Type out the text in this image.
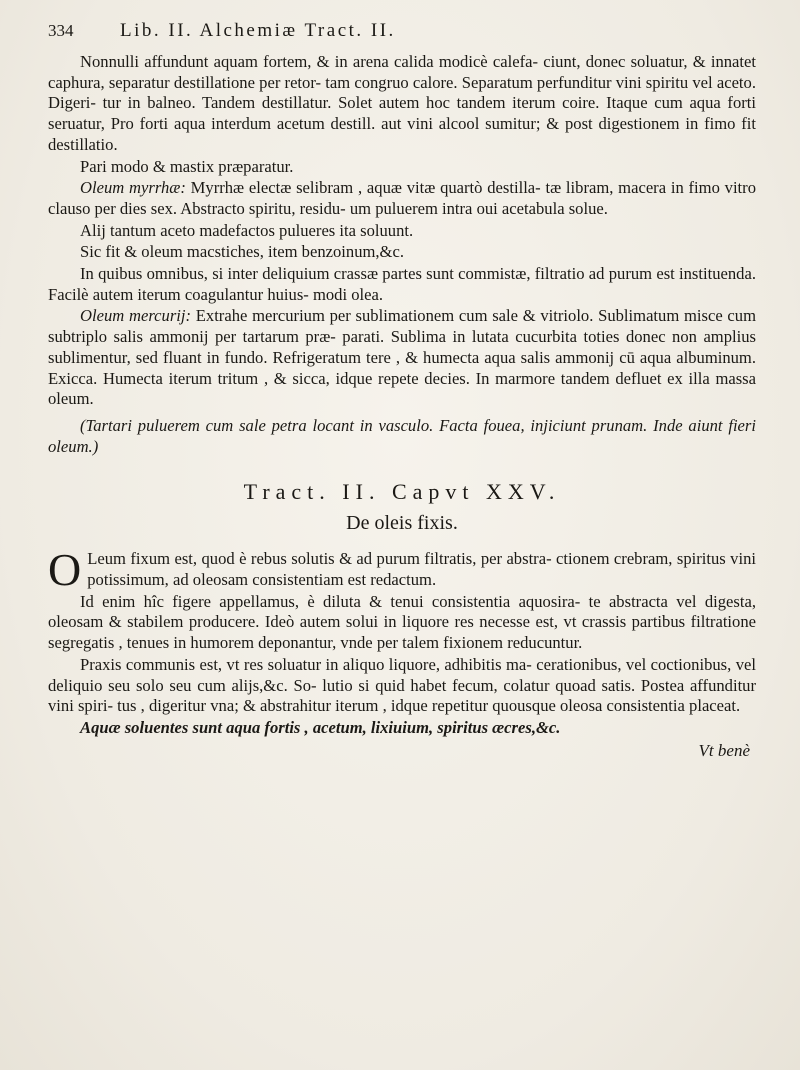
334	Lib. II. Alchemiæ Tract. II.

Nonnulli affundunt aquam fortem, & in arena calida modicè calefa- ciunt, donec soluatur, & innatet caphura, separatur destillatione per retor- tam congruo calore. Separatum perfunditur vini spiritu vel aceto. Digeri- tur in balneo. Tandem destillatur. Solet autem hoc tandem iterum coire. Itaque cum aqua forti seruatur, Pro forti aqua interdum acetum destill. aut vini alcool sumitur; & post digestionem in fimo fit destillatio.

Pari modo & mastix præparatur.

Oleum myrrhæ: Myrrhæ electæ selibram , aquæ vitæ quartò destilla- tæ libram, macera in fimo vitro clauso per dies sex. Abstracto spiritu, residu- um puluerem intra oui acetabula solue.

Alij tantum aceto madefactos pulueres ita soluunt.

Sic fit & oleum macstiches, item benzoinum,&c.

In quibus omnibus, si inter deliquium crassæ partes sunt commistæ, filtratio ad purum est instituenda. Facilè autem iterum coagulantur huius- modi olea.

Oleum mercurij: Extrahe mercurium per sublimationem cum sale & vitriolo. Sublimatum misce cum subtriplo salis ammonij per tartarum præ- parati. Sublima in lutata cucurbita toties donec non amplius sublimentur, sed fluant in fundo. Refrigeratum tere , & humecta aqua salis ammonij cū aqua albuminum. Exicca. Humecta iterum tritum , & sicca, idque repete decies. In marmore tandem defluet ex illa massa oleum.

(Tartari puluerem cum sale petra locant in vasculo. Facta fouea, injiciunt prunam. Inde aiunt fieri oleum.)

Tract. II. Capvt XXV.
De oleis fixis.

O Leum fixum est, quod è rebus solutis & ad purum filtratis, per abstra- ctionem crebram, spiritus vini potissimum, ad oleosam consistentiam est redactum.

Id enim hîc figere appellamus, è diluta & tenui consistentia aquosira- te abstracta vel digesta, oleosam & stabilem producere. Ideò autem solui in liquore res necesse est, vt crassis partibus filtratione segregatis , tenues in humorem deponantur, vnde per talem fixionem reducuntur.

Praxis communis est, vt res soluatur in aliquo liquore, adhibitis ma- cerationibus, vel coctionibus, vel deliquio seu solo seu cum alijs,&c. So- lutio si quid habet fecum, colatur quoad satis. Postea affunditur vini spiri- tus , digeritur vna; & abstrahitur iterum , idque repetitur quousque oleosa consistentia placeat.

Aquæ soluentes sunt aqua fortis , acetum, lixiuium, spiritus æcres,&c.

Vt benè
